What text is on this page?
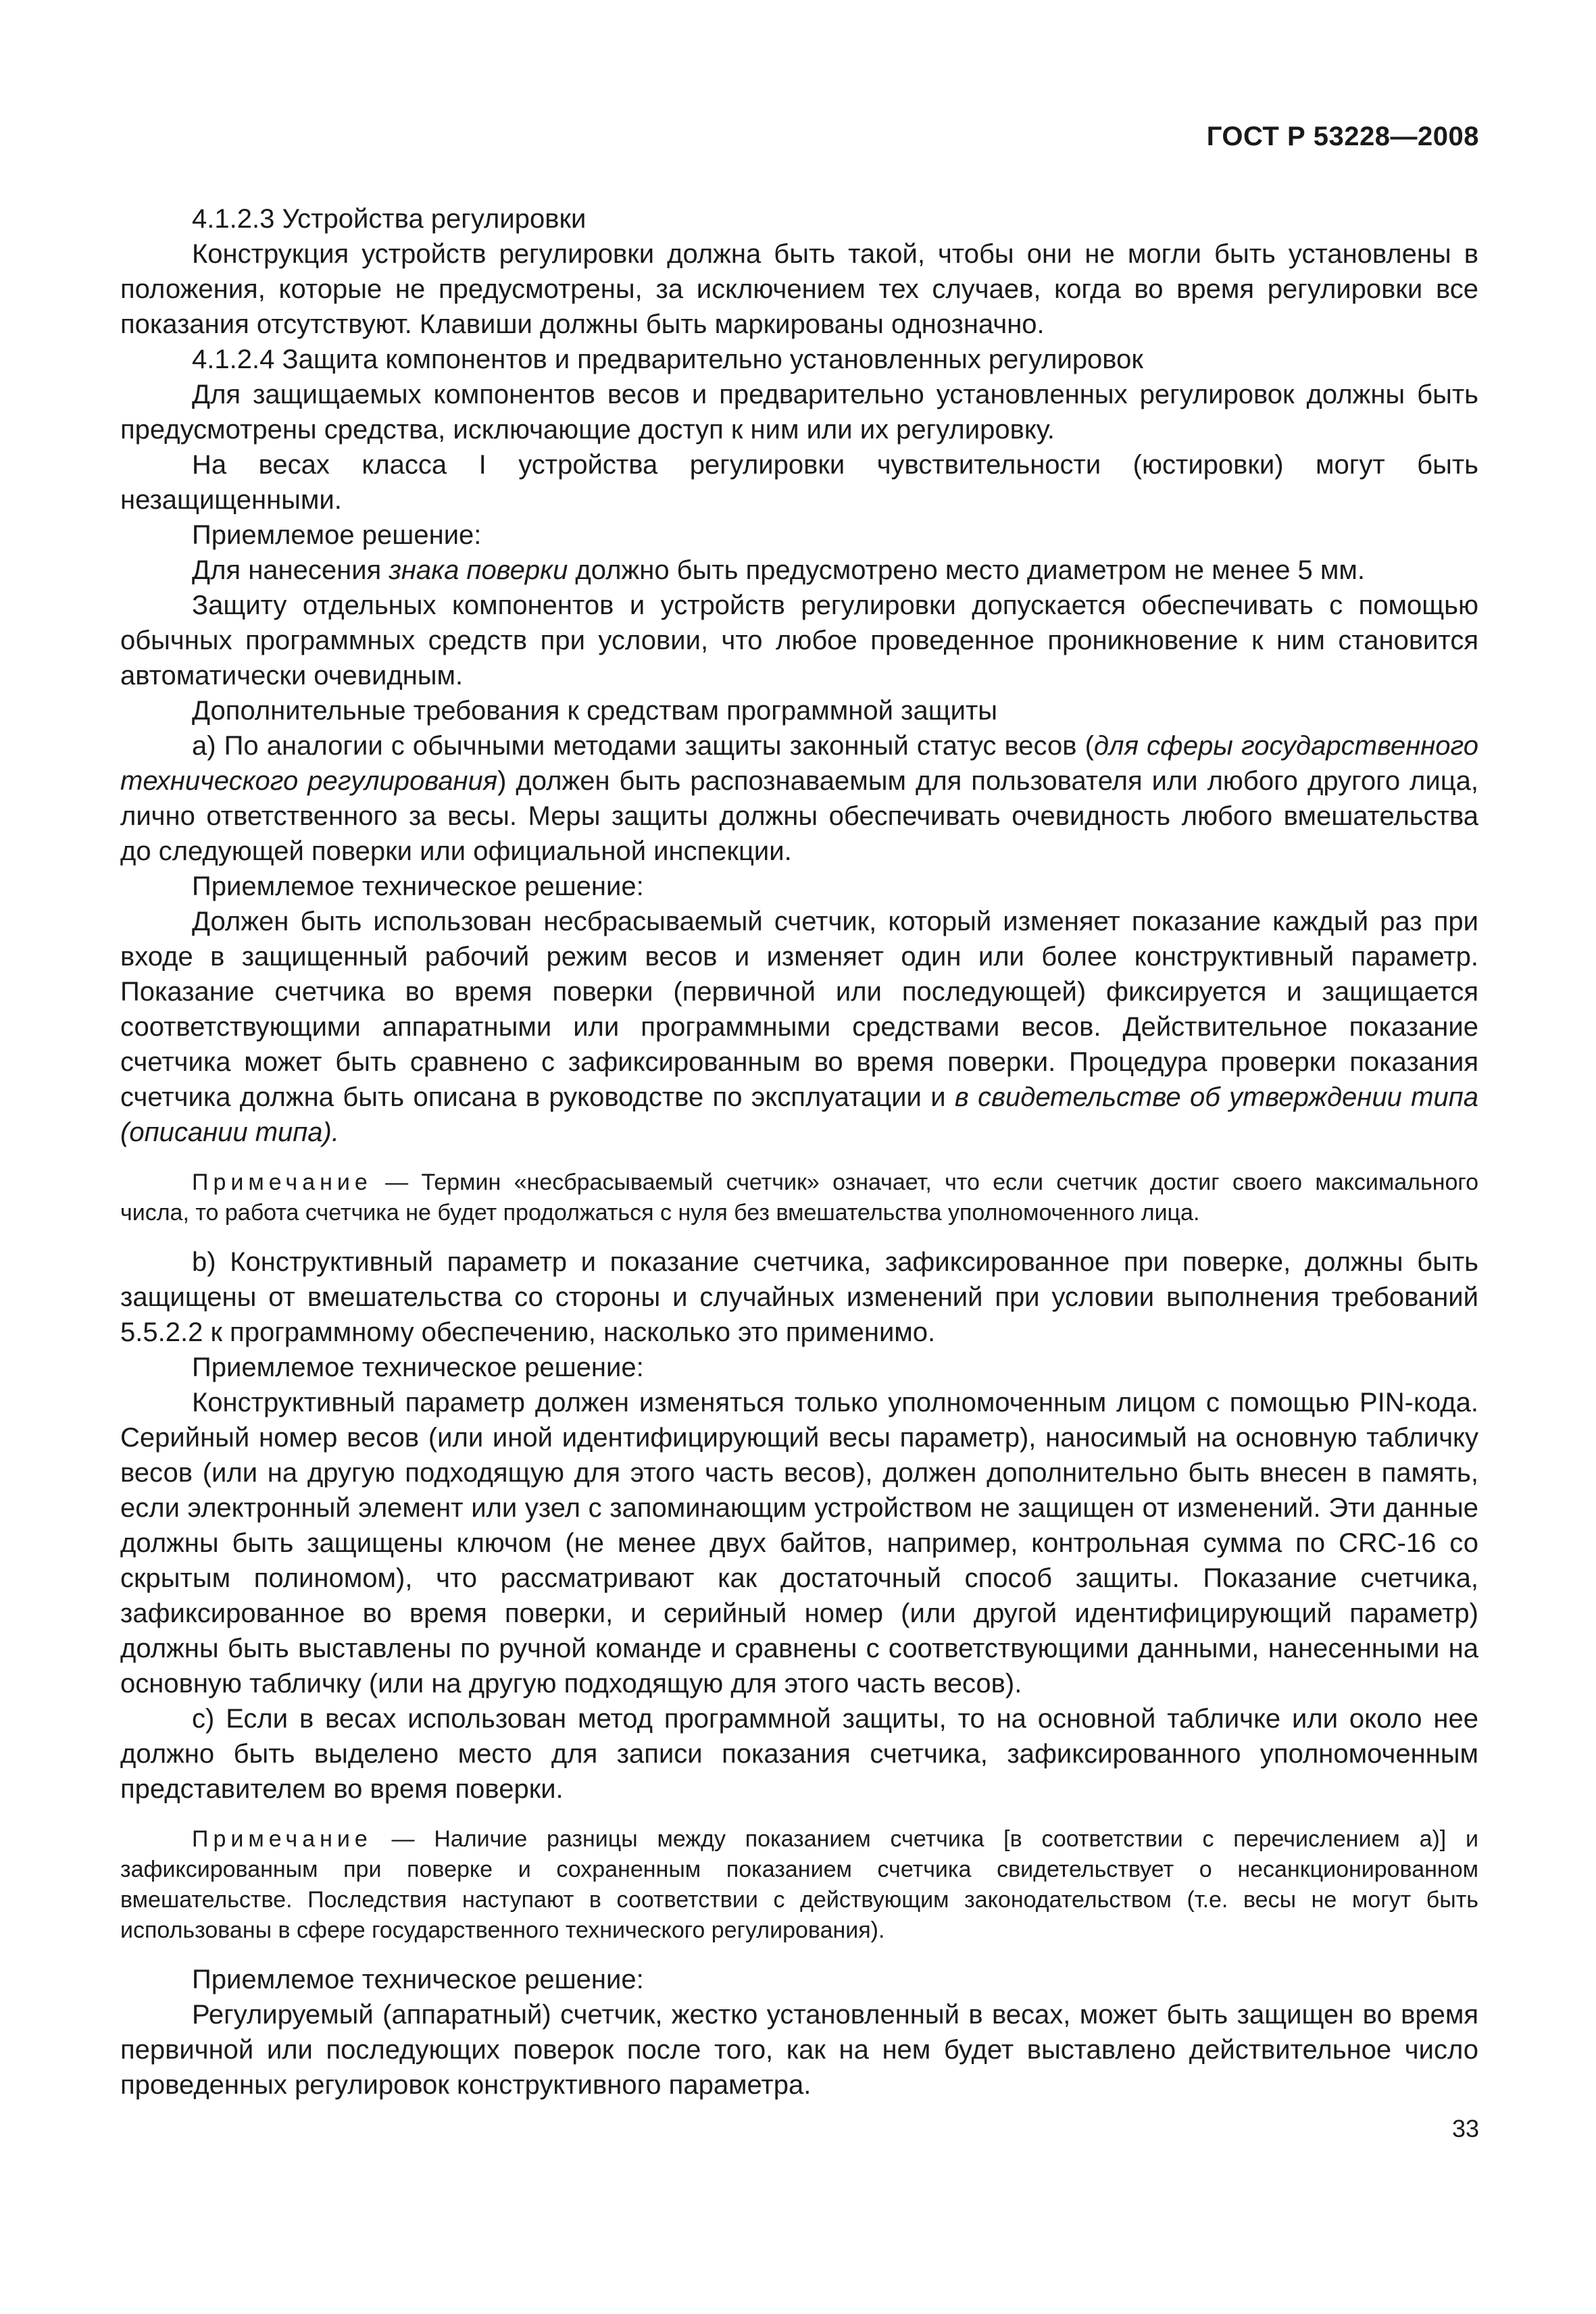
ГОСТ Р 53228—2008

4.1.2.3 Устройства регулировки

Конструкция устройств регулировки должна быть такой, чтобы они не могли быть установлены в положения, которые не предусмотрены, за исключением тех случаев, когда во время регулировки все показания отсутствуют. Клавиши должны быть маркированы однозначно.

4.1.2.4 Защита компонентов и предварительно установленных регулировок

Для защищаемых компонентов весов и предварительно установленных регулировок должны быть предусмотрены средства, исключающие доступ к ним или их регулировку.

На весах класса I устройства регулировки чувствительности (юстировки) могут быть незащищенными.

Приемлемое решение:

Для нанесения знака поверки должно быть предусмотрено место диаметром не менее 5 мм.

Защиту отдельных компонентов и устройств регулировки допускается обеспечивать с помощью обычных программных средств при условии, что любое проведенное проникновение к ним становится автоматически очевидным.

Дополнительные требования к средствам программной защиты

а) По аналогии с обычными методами защиты законный статус весов (для сферы государственного технического регулирования) должен быть распознаваемым для пользователя или любого другого лица, лично ответственного за весы. Меры защиты должны обеспечивать очевидность любого вмешательства до следующей поверки или официальной инспекции.

Приемлемое техническое решение:

Должен быть использован несбрасываемый счетчик, который изменяет показание каждый раз при входе в защищенный рабочий режим весов и изменяет один или более конструктивный параметр. Показание счетчика во время поверки (первичной или последующей) фиксируется и защищается соответствующими аппаратными или программными средствами весов. Действительное показание счетчика может быть сравнено с зафиксированным во время поверки. Процедура проверки показания счетчика должна быть описана в руководстве по эксплуатации и в свидетельстве об утверждении типа (описании типа).

Примечание — Термин «несбрасываемый счетчик» означает, что если счетчик достиг своего максимального числа, то работа счетчика не будет продолжаться с нуля без вмешательства уполномоченного лица.

b) Конструктивный параметр и показание счетчика, зафиксированное при поверке, должны быть защищены от вмешательства со стороны и случайных изменений при условии выполнения требований 5.5.2.2 к программному обеспечению, насколько это применимо.

Приемлемое техническое решение:

Конструктивный параметр должен изменяться только уполномоченным лицом с помощью PIN-кода. Серийный номер весов (или иной идентифицирующий весы параметр), наносимый на основную табличку весов (или на другую подходящую для этого часть весов), должен дополнительно быть внесен в память, если электронный элемент или узел с запоминающим устройством не защищен от изменений. Эти данные должны быть защищены ключом (не менее двух байтов, например, контрольная сумма по CRC-16 со скрытым полиномом), что рассматривают как достаточный способ защиты. Показание счетчика, зафиксированное во время поверки, и серийный номер (или другой идентифицирующий параметр) должны быть выставлены по ручной команде и сравнены с соответствующими данными, нанесенными на основную табличку (или на другую подходящую для этого часть весов).

с) Если в весах использован метод программной защиты, то на основной табличке или около нее должно быть выделено место для записи показания счетчика, зафиксированного уполномоченным представителем во время поверки.

Примечание — Наличие разницы между показанием счетчика [в соответствии с перечислением а)] и зафиксированным при поверке и сохраненным показанием счетчика свидетельствует о несанкционированном вмешательстве. Последствия наступают в соответствии с действующим законодательством (т.е. весы не могут быть использованы в сфере государственного технического регулирования).

Приемлемое техническое решение:

Регулируемый (аппаратный) счетчик, жестко установленный в весах, может быть защищен во время первичной или последующих поверок после того, как на нем будет выставлено действительное число проведенных регулировок конструктивного параметра.

33
